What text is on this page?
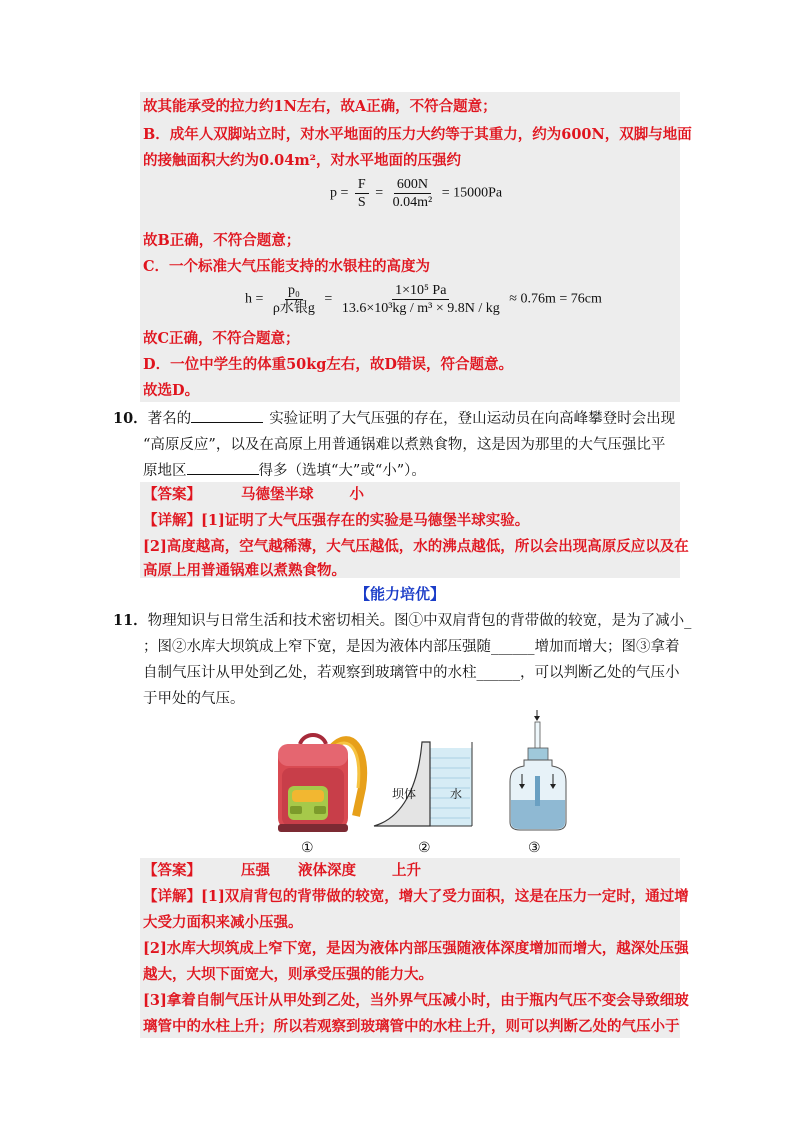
故其能承受的拉力约1N左右，故A正确，不符合题意；
B．成年人双脚站立时，对水平地面的压力大约等于其重力，约为600N，双脚与地面
的接触面积大约为0.04m²，对水平地面的压强约
$p = \frac{F}{S} = \frac{600N}{\text{0.04m²}} = 15000Pa$
故B正确，不符合题意；
C．一个标准大气压能支持的水银柱的高度为
$h = \frac{\text{p₀}}{\text{ρ水银g}} = \frac{\text{1×10⁵ Pa}}{\text{13.6×10³kg / m³ × 9.8N / kg}} \approx 0.76m = 76cm$
故C正确，不符合题意；
D．一位中学生的体重50kg左右，故D错误，符合题意。
故选D。
10．著名的	实验证明了大气压强的存在，登山运动员在向高峰攀登时会出现
“高原反应”，以及在高原上用普通锅难以煮熟食物，这是因为那里的大气压强比平
原地区	得多（选填“大”或“小”）。
【答案】	马德堡半球 小
【详解】[1]证明了大气压强存在的实验是马德堡半球实验。
[2]高度越高，空气越稀薄，大气压越低，水的沸点越低，所以会出现高原反应以及在
高原上用普通锅难以煮熟食物。
【能力培优】
11．物理知识与日常生活和技术密切相关。图①中双肩背包的背带做的较宽，是为了减小_
；图②水库大坝筑成上窄下宽，是因为液体内部压强随______增加而增大；图③拿着
自制气压计从甲处到乙处，若观察到玻璃管中的水柱______，可以判断乙处的气压小
于甲处的气压。
坝体	水
①	②	③
【答案】	压强 液体深度 上升
【详解】[1]双肩背包的背带做的较宽，增大了受力面积，这是在压力一定时，通过增
大受力面积来减小压强。
[2]水库大坝筑成上窄下宽，是因为液体内部压强随液体深度增加而增大，越深处压强
越大，大坝下面宽大，则承受压强的能力大。
[3]拿着自制气压计从甲处到乙处，当外界气压减小时，由于瓶内气压不变会导致细玻
璃管中的水柱上升；所以若观察到玻璃管中的水柱上升，则可以判断乙处的气压小于
